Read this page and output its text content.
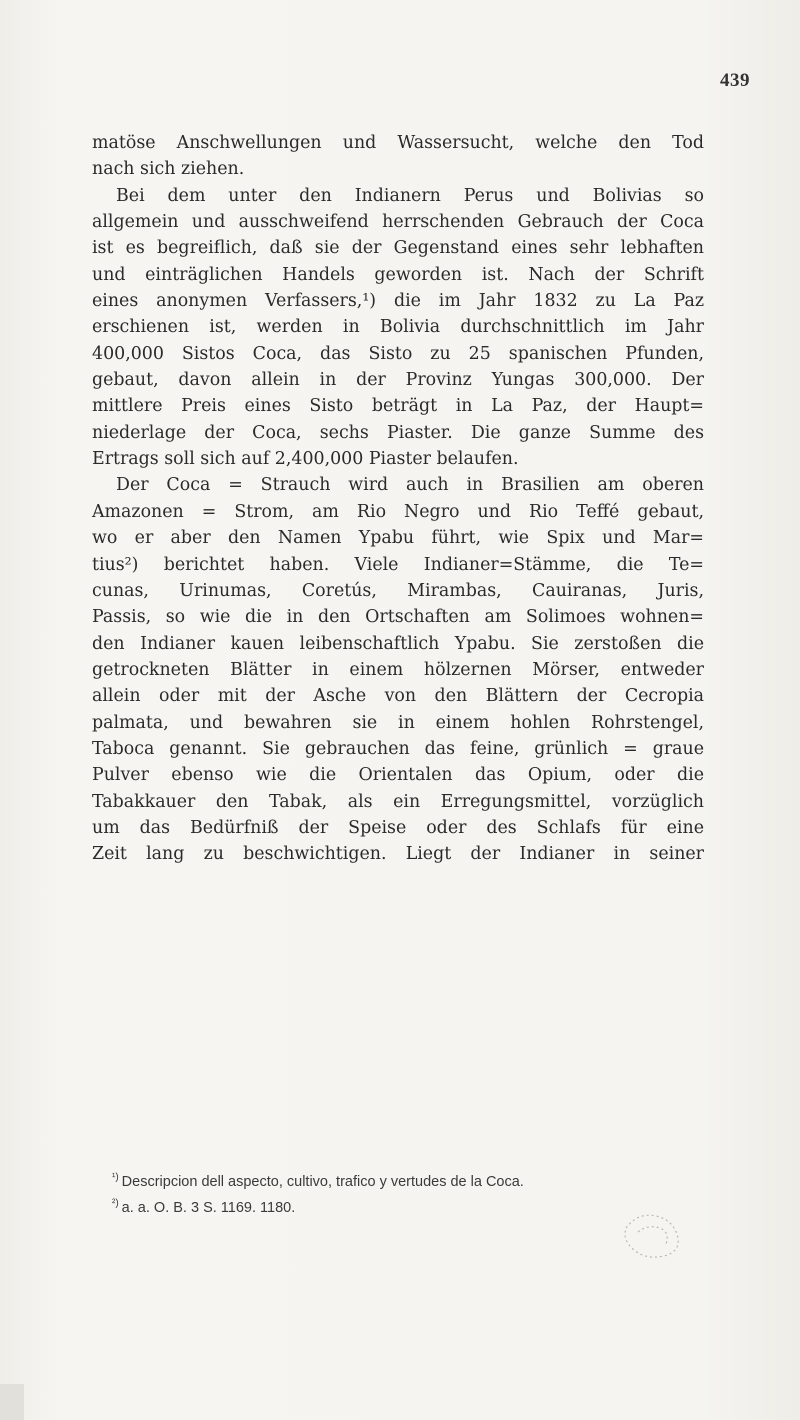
439
matöse Anschwellungen und Wassersucht, welche den Tod
nach sich ziehen.
Bei dem unter den Indianern Perus und Bolivias so
allgemein und ausschweifend herrschenden Gebrauch der Coca
ist es begreiflich, daß sie der Gegenstand eines sehr lebhaften
und einträglichen Handels geworden ist. Nach der Schrift
eines anonymen Verfassers,¹) die im Jahr 1832 zu La Paz
erschienen ist, werden in Bolivia durchschnittlich im Jahr
400,000 Sistos Coca, das Sisto zu 25 spanischen Pfunden,
gebaut, davon allein in der Provinz Yungas 300,000. Der
mittlere Preis eines Sisto beträgt in La Paz, der Haupt=
niederlage der Coca, sechs Piaster. Die ganze Summe des
Ertrags soll sich auf 2,400,000 Piaster belaufen.
Der Coca = Strauch wird auch in Brasilien am oberen
Amazonen = Strom, am Rio Negro und Rio Teffé gebaut,
wo er aber den Namen Ypabu führt, wie Spix und Mar=
tius²) berichtet haben. Viele Indianer=Stämme, die Te=
cunas, Urinumas, Coretús, Mirambas, Cauiranas, Juris,
Passis, so wie die in den Ortschaften am Solimoes wohnen=
den Indianer kauen leibenschaftlich Ypabu. Sie zerstoßen die
getrockneten Blätter in einem hölzernen Mörser, entweder
allein oder mit der Asche von den Blättern der Cecropia
palmata, und bewahren sie in einem hohlen Rohrstengel,
Taboca genannt. Sie gebrauchen das feine, grünlich = graue
Pulver ebenso wie die Orientalen das Opium, oder die
Tabakkauer den Tabak, als ein Erregungsmittel, vorzüglich
um das Bedürfniß der Speise oder des Schlafs für eine
Zeit lang zu beschwichtigen. Liegt der Indianer in seiner
$^{^1)}$ Descripcion dell aspecto, cultivo, trafico y vertudes de la Coca.
$^{^2)}$ a. a. O. B. 3 S. 1169. 1180.
